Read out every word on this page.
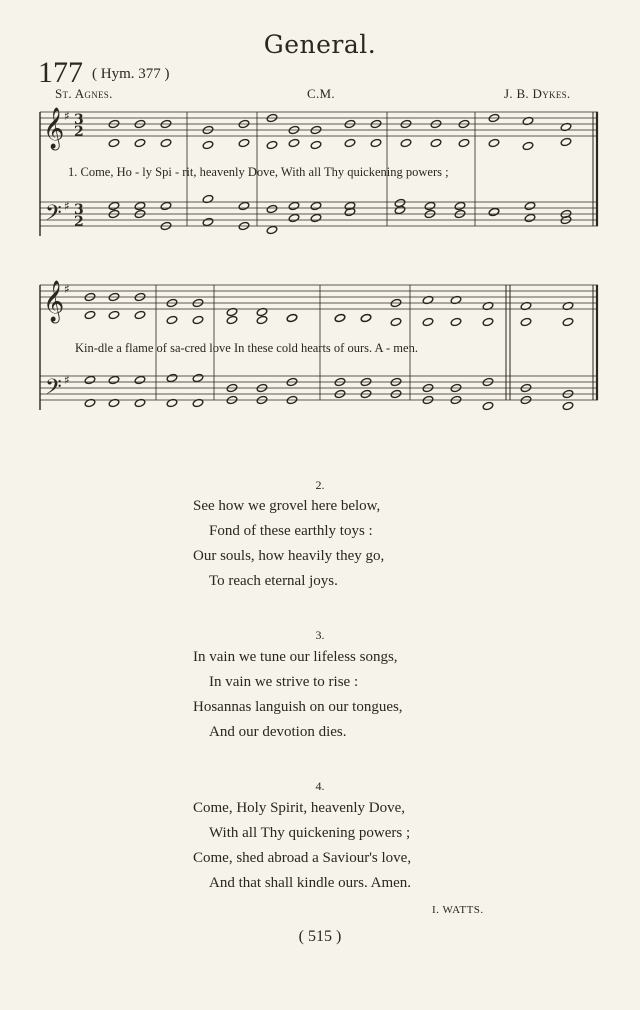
General.
177 ( Hym. 377 )
St. Agnes.	C.M.	J. B. Dykes.
𝄞
𝄢
♯
♯
3
2
3
2
𝄞
𝄢
♯
♯
1. Come, Ho - ly Spi - rit, heavenly Dove, With all Thy quickening powers ;
Kin-dle a flame of sa-cred love In these cold hearts of ours. A - men.
2.
See how we grovel here below,
Fond of these earthly toys :
Our souls, how heavily they go,
To reach eternal joys.
3.
In vain we tune our lifeless songs,
In vain we strive to rise :
Hosannas languish on our tongues,
And our devotion dies.
4.
Come, Holy Spirit, heavenly Dove,
With all Thy quickening powers ;
Come, shed abroad a Saviour's love,
And that shall kindle ours. Amen.
I. WATTS.
( 515 )
